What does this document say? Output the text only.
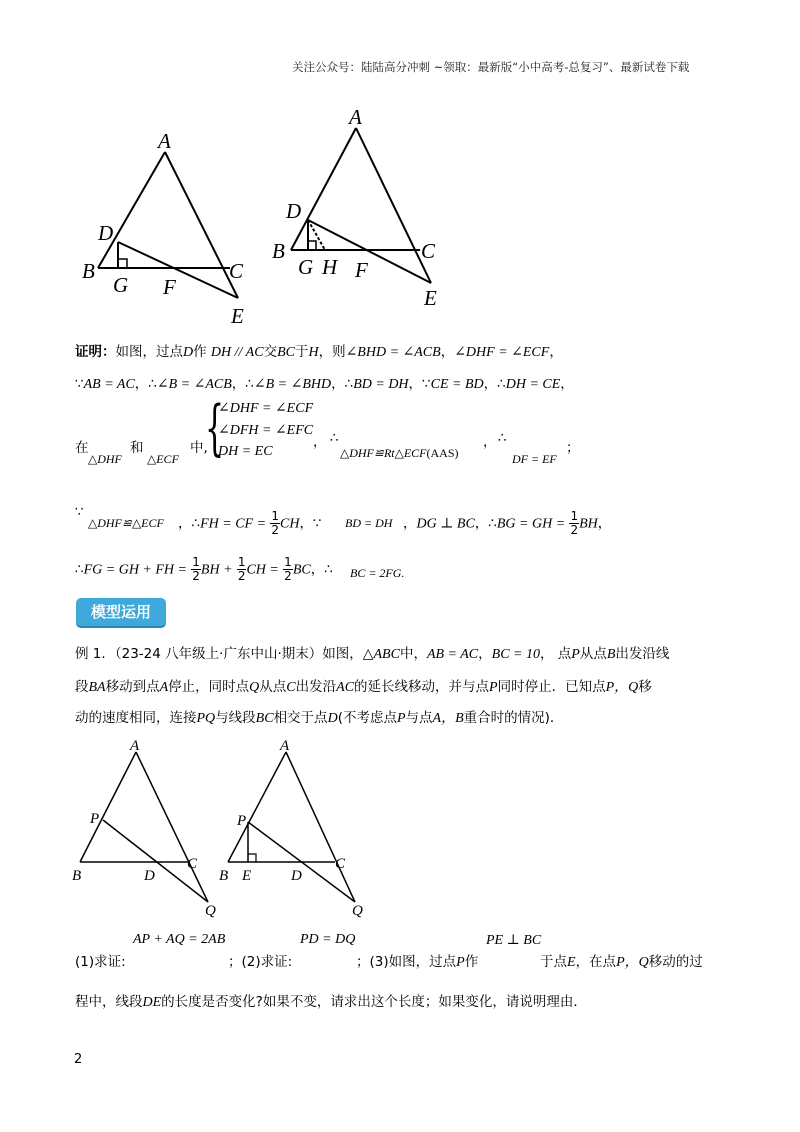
关注公众号：陆陆高分冲刺 ~领取：最新版“小中高考-总复习”、最新试卷下载
A
D
B
G F
C
E
A
D
B
G H F
C
E
A
P
B	D
C
Q
A
P
B E	D
C
Q
证明：如图，过点D作 DH // AC交BC于H，则∠BHD = ∠ACB，∠DHF = ∠ECF，
∵AB = AC，∴∠B = ∠ACB，∴∠B = ∠BHD，∴BD = DH，∵CE = BD，∴DH = CE，
在
△DHF
和
△ECF
中,
{
∠DHF = ∠ECF
∠DFH = ∠EFC
DH = EC
， ∴
△DHF≌Rt△ECF(AAS)
， ∴
DF = EF
；
∵
△DHF≌△ECF ，∴FH = CF = $\frac{1}{2}$ CH，∵ BD = DH ，DG ⊥ BC，∴BG = GH = $\frac{1}{2}$ BH，
∴FG = GH + FH = $\frac{1}{2}$ BH + $\frac{1}{2}$ CH = $\frac{1}{2}$ BC，∴ BC = 2FG.
模型运用
例 1．（23-24 八年级上·广东中山·期末）如图，△ABC中，AB = AC，BC = 10， 点P从点B出发沿线
段BA移动到点A停止，同时点Q从点C出发沿AC的延长线移动，并与点P同时停止．已知点P，Q移
动的速度相同，连接PQ与线段BC相交于点D(不考虑点P与点A，B重合时的情况)．
(1)求证:
AP + AQ = 2AB
；(2)求证:
PD = DQ
；(3)如图，过点P作
PE ⊥ BC
于点E，在点P，Q移动的过
程中，线段DE的长度是否变化?如果不变，请求出这个长度；如果变化，请说明理由．
2
